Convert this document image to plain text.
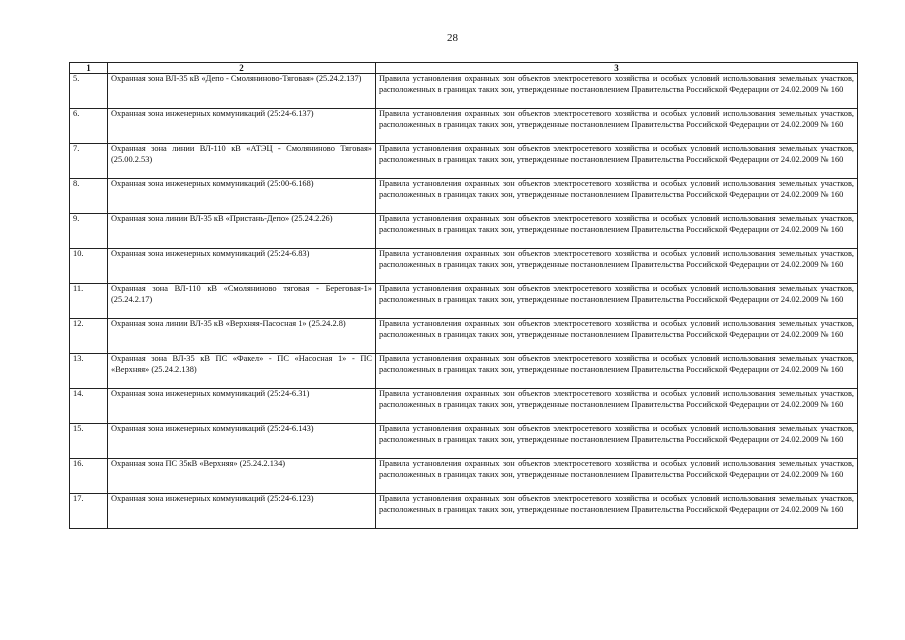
28
1	2	3
5.	Охранная зона ВЛ-35 кВ «Депо - Смоляниново-Тяговая» (25.24.2.137)	Правила установления охранных зон объектов электросетевого хозяйства и особых условий использования земельных участков, расположенных в границах таких зон, утвержденные постановлением Правительства Российской Федерации от 24.02.2009 № 160
6.	Охранная зона инженерных коммуникаций (25:24-6.137)	Правила установления охранных зон объектов электросетевого хозяйства и особых условий использования земельных участков, расположенных в границах таких зон, утвержденные постановлением Правительства Российской Федерации от 24.02.2009 № 160
7.	Охранная зона линии ВЛ-110 кВ «АТЭЦ - Смоляниново Тяговая» (25.00.2.53)	Правила установления охранных зон объектов электросетевого хозяйства и особых условий использования земельных участков, расположенных в границах таких зон, утвержденные постановлением Правительства Российской Федерации от 24.02.2009 № 160
8.	Охранная зона инженерных коммуникаций (25:00-6.168)	Правила установления охранных зон объектов электросетевого хозяйства и особых условий использования земельных участков, расположенных в границах таких зон, утвержденные постановлением Правительства Российской Федерации от 24.02.2009 № 160
9.	Охранная зона линии ВЛ-35 кВ «Пристань-Депо» (25.24.2.26)	Правила установления охранных зон объектов электросетевого хозяйства и особых условий использования земельных участков, расположенных в границах таких зон, утвержденные постановлением Правительства Российской Федерации от 24.02.2009 № 160
10.	Охранная зона инженерных коммуникаций (25:24-6.83)	Правила установления охранных зон объектов электросетевого хозяйства и особых условий использования земельных участков, расположенных в границах таких зон, утвержденные постановлением Правительства Российской Федерации от 24.02.2009 № 160
11.	Охранная зона ВЛ-110 кВ «Смоляниново тяговая - Береговая-1» (25.24.2.17)	Правила установления охранных зон объектов электросетевого хозяйства и особых условий использования земельных участков, расположенных в границах таких зон, утвержденные постановлением Правительства Российской Федерации от 24.02.2009 № 160
12.	Охранная зона линии ВЛ-35 кВ «Верхняя-Пасосная 1» (25.24.2.8)	Правила установления охранных зон объектов электросетевого хозяйства и особых условий использования земельных участков, расположенных в границах таких зон, утвержденные постановлением Правительства Российской Федерации от 24.02.2009 № 160
13.	Охранная зона ВЛ-35 кВ ПС «Факел» - ПС «Насосная 1» - ПС «Верхняя» (25.24.2.138)	Правила установления охранных зон объектов электросетевого хозяйства и особых условий использования земельных участков, расположенных в границах таких зон, утвержденные постановлением Правительства Российской Федерации от 24.02.2009 № 160
14.	Охранная зона инженерных коммуникаций (25:24-6.31)	Правила установления охранных зон объектов электросетевого хозяйства и особых условий использования земельных участков, расположенных в границах таких зон, утвержденные постановлением Правительства Российской Федерации от 24.02.2009 № 160
15.	Охранная зона инженерных коммуникаций (25:24-6.143)	Правила установления охранных зон объектов электросетевого хозяйства и особых условий использования земельных участков, расположенных в границах таких зон, утвержденные постановлением Правительства Российской Федерации от 24.02.2009 № 160
16.	Охранная зона ПС 35кВ «Верхняя» (25.24.2.134)	Правила установления охранных зон объектов электросетевого хозяйства и особых условий использования земельных участков, расположенных в границах таких зон, утвержденные постановлением Правительства Российской Федерации от 24.02.2009 № 160
17.	Охранная зона инженерных коммуникаций (25:24-6.123)	Правила установления охранных зон объектов электросетевого хозяйства и особых условий использования земельных участков, расположенных в границах таких зон, утвержденные постановлением Правительства Российской Федерации от 24.02.2009 № 160
